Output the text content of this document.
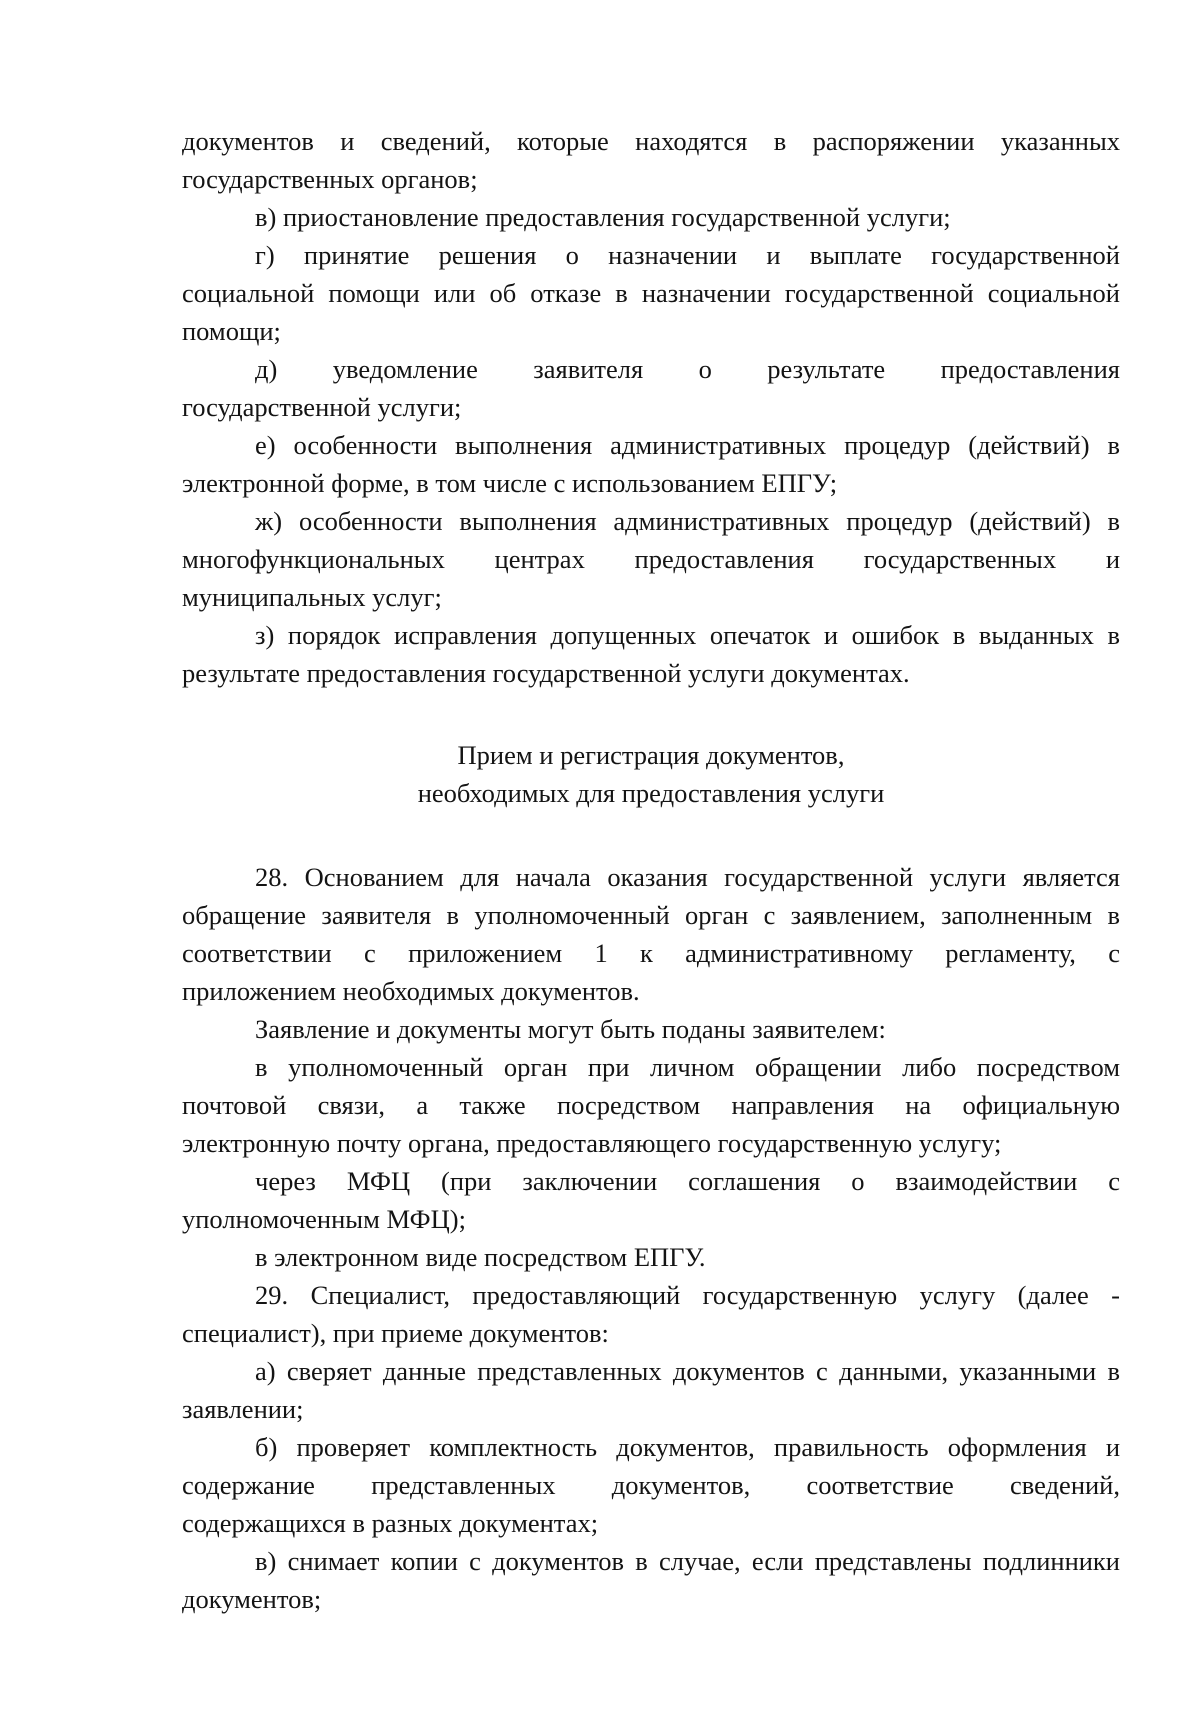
документов и сведений, которые находятся в распоряжении указанных

государственных органов;

в) приостановление предоставления государственной услуги;

г) принятие решения о назначении и выплате государственной

социальной помощи или об отказе в назначении государственной социальной

помощи;

д) уведомление заявителя о результате предоставления

государственной услуги;

е) особенности выполнения административных процедур (действий) в

электронной форме, в том числе с использованием ЕПГУ;

ж) особенности выполнения административных процедур (действий) в

многофункциональных центрах предоставления государственных и

муниципальных услуг;

з) порядок исправления допущенных опечаток и ошибок в выданных в

результате предоставления государственной услуги документах.

Прием и регистрация документов,

необходимых для предоставления услуги

28. Основанием для начала оказания государственной услуги является

обращение заявителя в уполномоченный орган с заявлением, заполненным в

соответствии с приложением 1 к административному регламенту, с

приложением необходимых документов.

Заявление и документы могут быть поданы заявителем:

в уполномоченный орган при личном обращении либо посредством

почтовой связи, а также посредством направления на официальную

электронную почту органа, предоставляющего государственную услугу;

через МФЦ (при заключении соглашения о взаимодействии с

уполномоченным МФЦ);

в электронном виде посредством ЕПГУ.

29. Специалист, предоставляющий государственную услугу (далее -

специалист), при приеме документов:

а) сверяет данные представленных документов с данными, указанными в

заявлении;

б) проверяет комплектность документов, правильность оформления и

содержание представленных документов, соответствие сведений,

содержащихся в разных документах;

в) снимает копии с документов в случае, если представлены подлинники

документов;
